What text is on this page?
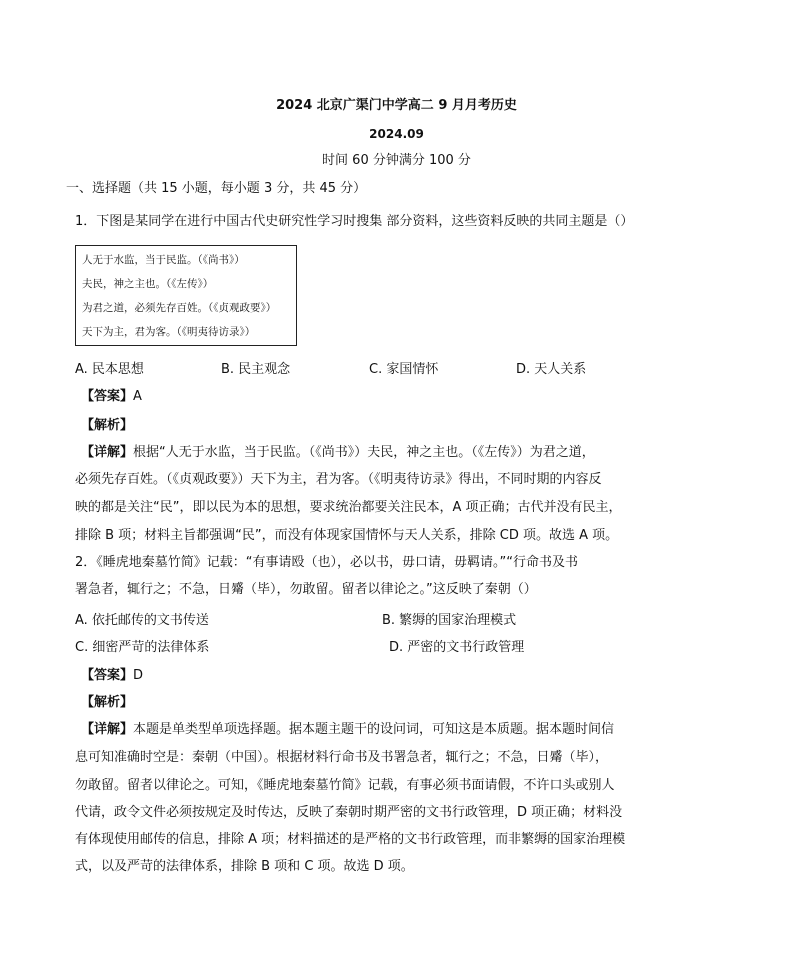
2024 北京广渠门中学高二 9 月月考历史
2024.09
时间 60 分钟满分 100 分
一、选择题（共 15 小题，每小题 3 分，共 45 分）
1．下图是某同学在进行中国古代史研究性学习时搜集 部分资料，这些资料反映的共同主题是（）
人无于水监，当于民监。（《尚书》）
夫民，神之主也。（《左传》）
为君之道，必须先存百姓。（《贞观政要》）
天下为主，君为客。（《明夷待访录》）
A. 民本思想	B. 民主观念	C. 家国情怀	D. 天人关系
【答案】A
【解析】
【详解】根据“人无于水监，当于民监。（《尚书》）夫民，神之主也。（《左传》）为君之道，
必须先存百姓。（《贞观政要》）天下为主，君为客。（《明夷待访录》得出，不同时期的内容反
映的都是关注“民”，即以民为本的思想，要求统治都要关注民本，A 项正确；古代并没有民主，
排除 B 项；材料主旨都强调“民”，而没有体现家国情怀与天人关系，排除 CD 项。故选 A 项。
2．《睡虎地秦墓竹简》记载：“有事请殴（也），必以书，毋口请，毋羁请。”“行命书及书
署急者，辄行之；不急，日觱（毕），勿敢留。留者以律论之。”这反映了秦朝（）
A. 依托邮传的文书传送	B. 繁缛的国家治理模式
C. 细密严苛的法律体系	D. 严密的文书行政管理
【答案】D
【解析】
【详解】本题是单类型单项选择题。据本题主题干的设问词，可知这是本质题。据本题时间信
息可知准确时空是：秦朝（中国）。根据材料行命书及书署急者，辄行之；不急，日觱（毕），
勿敢留。留者以律论之。可知，《睡虎地秦墓竹简》记载，有事必须书面请假，不许口头或别人
代请，政令文件必须按规定及时传达，反映了秦朝时期严密的文书行政管理，D 项正确；材料没
有体现使用邮传的信息，排除 A 项；材料描述的是严格的文书行政管理，而非繁缛的国家治理模
式，以及严苛的法律体系，排除 B 项和 C 项。故选 D 项。
